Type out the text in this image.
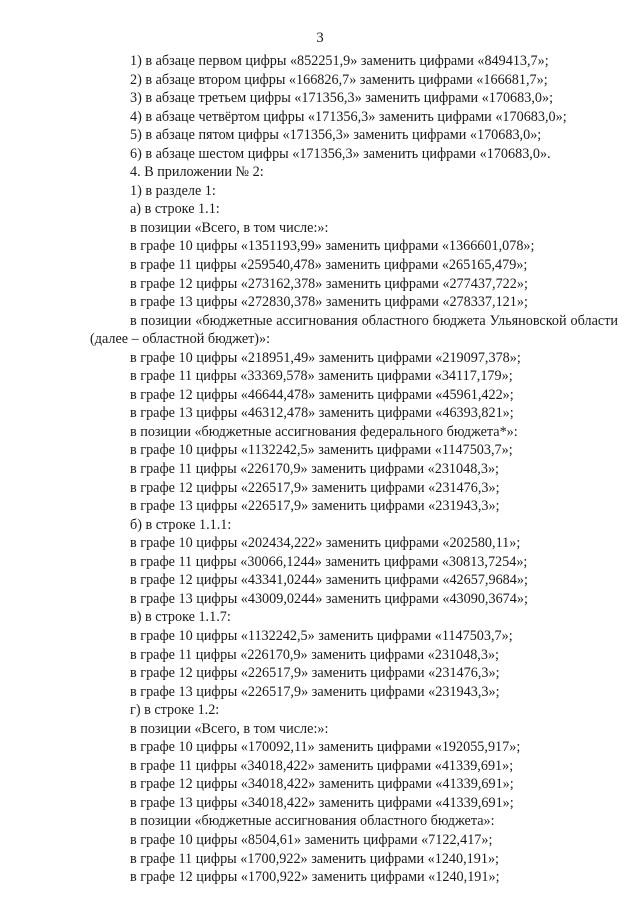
3
1) в абзаце первом цифры «852251,9» заменить цифрами «849413,7»;
2) в абзаце втором цифры «166826,7» заменить цифрами «166681,7»;
3) в абзаце третьем цифры «171356,3» заменить цифрами «170683,0»;
4) в абзаце четвёртом цифры «171356,3» заменить цифрами «170683,0»;
5) в абзаце пятом цифры «171356,3» заменить цифрами «170683,0»;
6) в абзаце шестом цифры «171356,3» заменить цифрами «170683,0».
4. В приложении № 2:
1) в разделе 1:
а) в строке 1.1:
в позиции «Всего, в том числе:»:
в графе 10 цифры «1351193,99» заменить цифрами «1366601,078»;
в графе 11 цифры «259540,478» заменить цифрами «265165,479»;
в графе 12 цифры «273162,378» заменить цифрами «277437,722»;
в графе 13 цифры «272830,378» заменить цифрами «278337,121»;
в позиции «бюджетные ассигнования областного бюджета Ульяновской области (далее – областной бюджет)»:
в графе 10 цифры «218951,49» заменить цифрами «219097,378»;
в графе 11 цифры «33369,578» заменить цифрами «34117,179»;
в графе 12 цифры «46644,478» заменить цифрами «45961,422»;
в графе 13 цифры «46312,478» заменить цифрами «46393,821»;
в позиции «бюджетные ассигнования федерального бюджета*»:
в графе 10 цифры «1132242,5» заменить цифрами «1147503,7»;
в графе 11 цифры «226170,9» заменить цифрами «231048,3»;
в графе 12 цифры «226517,9» заменить цифрами «231476,3»;
в графе 13 цифры «226517,9» заменить цифрами «231943,3»;
б) в строке 1.1.1:
в графе 10 цифры «202434,222» заменить цифрами «202580,11»;
в графе 11 цифры «30066,1244» заменить цифрами «30813,7254»;
в графе 12 цифры «43341,0244» заменить цифрами «42657,9684»;
в графе 13 цифры «43009,0244» заменить цифрами «43090,3674»;
в) в строке 1.1.7:
в графе 10 цифры «1132242,5» заменить цифрами «1147503,7»;
в графе 11 цифры «226170,9» заменить цифрами «231048,3»;
в графе 12 цифры «226517,9» заменить цифрами «231476,3»;
в графе 13 цифры «226517,9» заменить цифрами «231943,3»;
г) в строке 1.2:
в позиции «Всего, в том числе:»:
в графе 10 цифры «170092,11» заменить цифрами «192055,917»;
в графе 11 цифры «34018,422» заменить цифрами «41339,691»;
в графе 12 цифры «34018,422» заменить цифрами «41339,691»;
в графе 13 цифры «34018,422» заменить цифрами «41339,691»;
в позиции «бюджетные ассигнования областного бюджета»:
в графе 10 цифры «8504,61» заменить цифрами «7122,417»;
в графе 11 цифры «1700,922» заменить цифрами «1240,191»;
в графе 12 цифры «1700,922» заменить цифрами «1240,191»;
